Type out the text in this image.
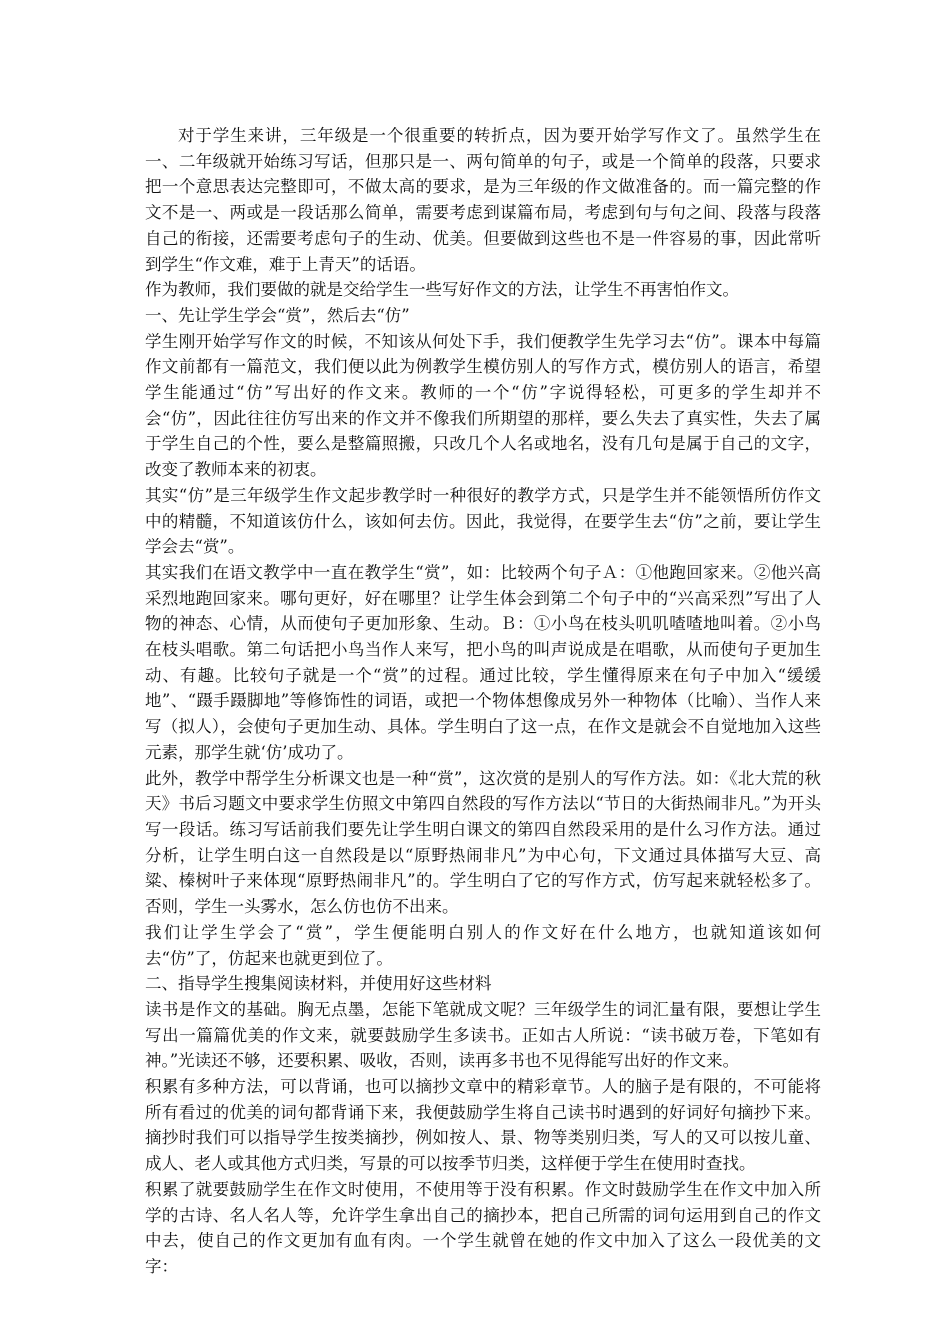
对于学生来讲，三年级是一个很重要的转折点，因为要开始学写作文了。虽然学生在一、二年级就开始练习写话，但那只是一、两句简单的句子，或是一个简单的段落，只要求把一个意思表达完整即可，不做太高的要求，是为三年级的作文做准备的。而一篇完整的作文不是一、两或是一段话那么简单，需要考虑到谋篇布局，考虑到句与句之间、段落与段落自己的衔接，还需要考虑句子的生动、优美。但要做到这些也不是一件容易的事，因此常听到学生“作文难，难于上青天”的话语。

作为教师，我们要做的就是交给学生一些写好作文的方法，让学生不再害怕作文。

一、先让学生学会“赏”，然后去“仿”

学生刚开始学写作文的时候，不知该从何处下手，我们便教学生先学习去“仿”。课本中每篇作文前都有一篇范文，我们便以此为例教学生模仿别人的写作方式，模仿别人的语言，希望学生能通过“仿”写出好的作文来。教师的一个“仿”字说得轻松，可更多的学生却并不会“仿”，因此往往仿写出来的作文并不像我们所期望的那样，要么失去了真实性，失去了属于学生自己的个性，要么是整篇照搬，只改几个人名或地名，没有几句是属于自己的文字，改变了教师本来的初衷。

其实“仿”是三年级学生作文起步教学时一种很好的教学方式，只是学生并不能领悟所仿作文中的精髓，不知道该仿什么，该如何去仿。因此，我觉得，在要学生去“仿”之前，要让学生学会去“赏”。

其实我们在语文教学中一直在教学生“赏”，如：比较两个句子Ａ：①他跑回家来。②他兴高采烈地跑回家来。哪句更好，好在哪里？让学生体会到第二个句子中的“兴高采烈”写出了人物的神态、心情，从而使句子更加形象、生动。Ｂ：①小鸟在枝头叽叽喳喳地叫着。②小鸟在枝头唱歌。第二句话把小鸟当作人来写，把小鸟的叫声说成是在唱歌，从而使句子更加生动、有趣。比较句子就是一个“赏”的过程。通过比较，学生懂得原来在句子中加入“缓缓地”、“蹑手蹑脚地”等修饰性的词语，或把一个物体想像成另外一种物体（比喻）、当作人来写（拟人），会使句子更加生动、具体。学生明白了这一点，在作文是就会不自觉地加入这些元素，那学生就‘仿’成功了。

此外，教学中帮学生分析课文也是一种“赏”，这次赏的是别人的写作方法。如：《北大荒的秋天》书后习题文中要求学生仿照文中第四自然段的写作方法以“节日的大街热闹非凡。”为开头写一段话。练习写话前我们要先让学生明白课文的第四自然段采用的是什么习作方法。通过分析，让学生明白这一自然段是以“原野热闹非凡”为中心句，下文通过具体描写大豆、高粱、榛树叶子来体现“原野热闹非凡”的。学生明白了它的写作方式，仿写起来就轻松多了。否则，学生一头雾水，怎么仿也仿不出来。

我们让学生学会了“赏”，学生便能明白别人的作文好在什么地方，也就知道该如何去“仿”了，仿起来也就更到位了。

二、指导学生搜集阅读材料，并使用好这些材料

读书是作文的基础。胸无点墨，怎能下笔就成文呢？三年级学生的词汇量有限，要想让学生写出一篇篇优美的作文来，就要鼓励学生多读书。正如古人所说：“读书破万卷，下笔如有神。”光读还不够，还要积累、吸收，否则，读再多书也不见得能写出好的作文来。

积累有多种方法，可以背诵，也可以摘抄文章中的精彩章节。人的脑子是有限的，不可能将所有看过的优美的词句都背诵下来，我便鼓励学生将自己读书时遇到的好词好句摘抄下来。摘抄时我们可以指导学生按类摘抄，例如按人、景、物等类别归类，写人的又可以按儿童、成人、老人或其他方式归类，写景的可以按季节归类，这样便于学生在使用时查找。

积累了就要鼓励学生在作文时使用，不使用等于没有积累。作文时鼓励学生在作文中加入所学的古诗、名人名人等，允许学生拿出自己的摘抄本，把自己所需的词句运用到自己的作文中去，使自己的作文更加有血有肉。一个学生就曾在她的作文中加入了这么一段优美的文字：
